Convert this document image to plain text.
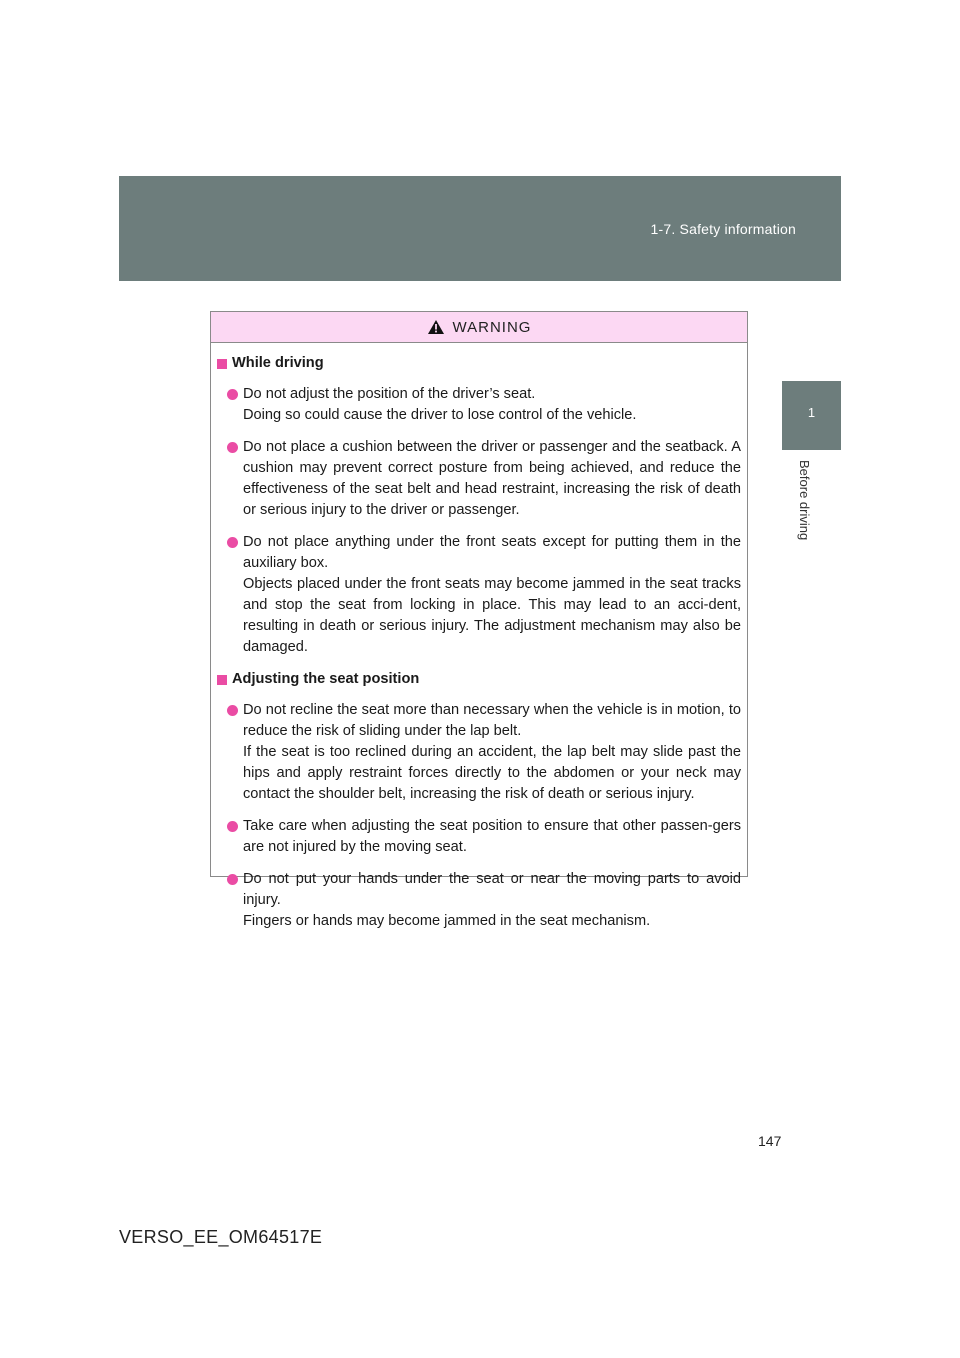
1-7. Safety information
1
Before driving
WARNING
While driving

Do not adjust the position of the driver’s seat.

Doing so could cause the driver to lose control of the vehicle.

Do not place a cushion between the driver or passenger and the seatback. A cushion may prevent correct posture from being achieved, and reduce the effectiveness of the seat belt and head restraint, increasing the risk of death or serious injury to the driver or passenger.

Do not place anything under the front seats except for putting them in the auxiliary box.

Objects placed under the front seats may become jammed in the seat tracks and stop the seat from locking in place. This may lead to an acci-dent, resulting in death or serious injury. The adjustment mechanism may also be damaged.

Adjusting the seat position

Do not recline the seat more than necessary when the vehicle is in motion, to reduce the risk of sliding under the lap belt.

If the seat is too reclined during an accident, the lap belt may slide past the hips and apply restraint forces directly to the abdomen or your neck may contact the shoulder belt, increasing the risk of death or serious injury.

Take care when adjusting the seat position to ensure that other passen-gers are not injured by the moving seat.

Do not put your hands under the seat or near the moving parts to avoid injury.

Fingers or hands may become jammed in the seat mechanism.

147
VERSO_EE_OM64517E
